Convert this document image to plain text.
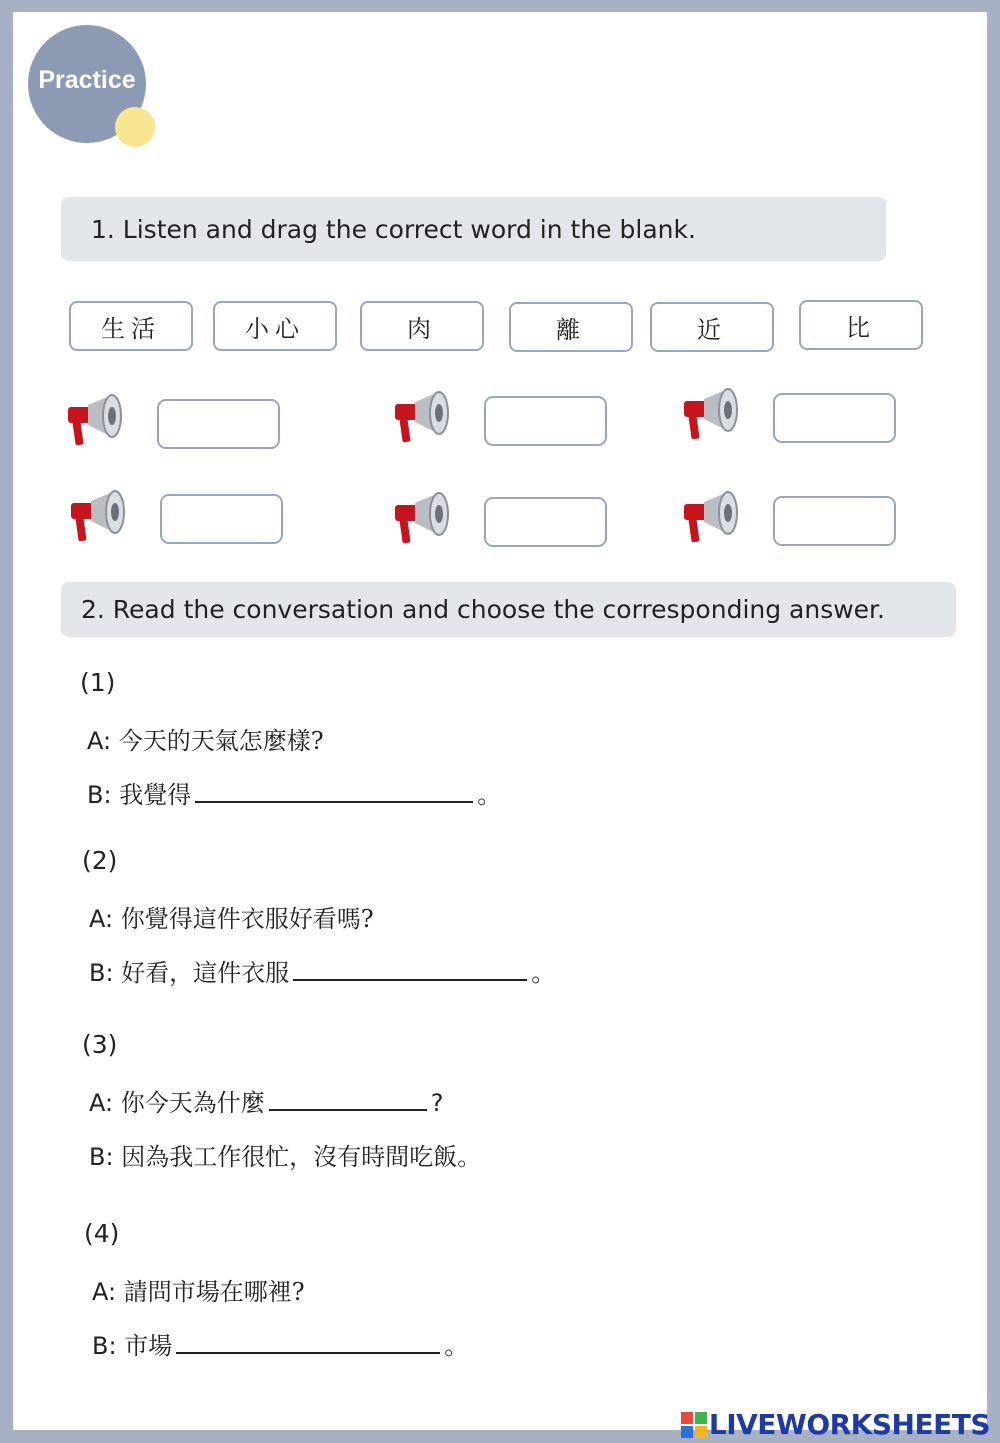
Practice
1. Listen and drag the correct word in the blank.
生活	小心	肉	離	近	比
2. Read the conversation and choose the corresponding answer.
(1)
A: 今天的天氣怎麼樣?
B: 我覺得	。
(2)
A: 你覺得這件衣服好看嗎?
B: 好看，這件衣服	。
(3)
A: 你今天為什麼	?
B: 因為我工作很忙，沒有時間吃飯。
(4)
A: 請問市場在哪裡?
B: 市場	。
LIVEWORKSHEETS
